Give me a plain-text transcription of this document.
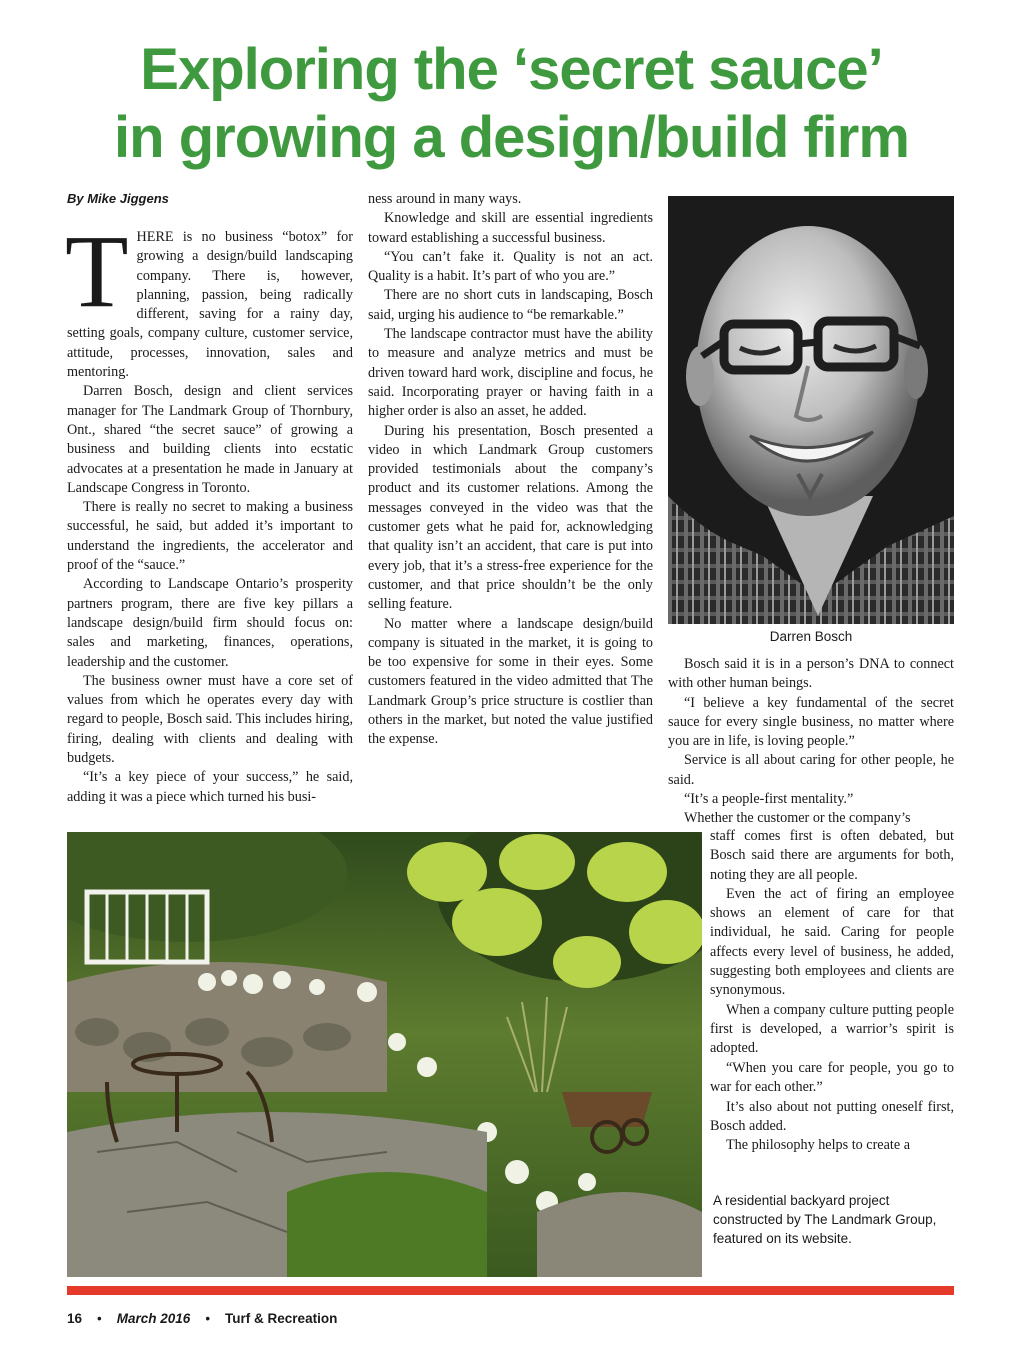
Exploring the ‘secret sauce’
in growing a design/build firm
By Mike Jiggens

THERE is no business “botox” for growing a design/build landscaping company. There is, however, planning, passion, being radically different, saving for a rainy day, setting goals, company culture, customer service, attitude, processes, innovation, sales and mentoring.

Darren Bosch, design and client services manager for The Landmark Group of Thornbury, Ont., shared “the secret sauce” of growing a business and building clients into ecstatic advocates at a presentation he made in January at Landscape Congress in Toronto.

There is really no secret to making a business successful, he said, but added it’s important to understand the ingredients, the accelerator and proof of the “sauce.”

According to Landscape Ontario’s prosperity partners program, there are five key pillars a landscape design/build firm should focus on: sales and marketing, finances, operations, leadership and the customer.

The business owner must have a core set of values from which he operates every day with regard to people, Bosch said. This includes hiring, firing, dealing with clients and dealing with budgets.

“It’s a key piece of your success,” he said, adding it was a piece which turned his busi-

ness around in many ways.

Knowledge and skill are essential ingredients toward establishing a successful business.

“You can’t fake it. Quality is not an act. Quality is a habit. It’s part of who you are.”

There are no short cuts in landscaping, Bosch said, urging his audience to “be remarkable.”

The landscape contractor must have the ability to measure and analyze metrics and must be driven toward hard work, discipline and focus, he said. Incorporating prayer or having faith in a higher order is also an asset, he added.

During his presentation, Bosch presented a video in which Landmark Group customers provided testimonials about the company’s product and its customer relations. Among the messages conveyed in the video was that the customer gets what he paid for, acknowledging that quality isn’t an accident, that care is put into every job, that it’s a stress-free experience for the customer, and that price shouldn’t be the only selling feature.

No matter where a landscape design/build company is situated in the market, it is going to be too expensive for some in their eyes. Some customers featured in the video admitted that The Landmark Group’s price structure is costlier than others in the market, but noted the value justified the expense.

Darren Bosch

Bosch said it is in a person’s DNA to connect with other human beings.

“I believe a key fundamental of the secret sauce for every single business, no matter where you are in life, is loving people.”

Service is all about caring for other people, he said.

“It’s a people-first mentality.”

Whether the customer or the company’s

staff comes first is often debated, but Bosch said there are arguments for both, noting they are all people.

Even the act of firing an employee shows an element of care for that individual, he said. Caring for people affects every level of business, he added, suggesting both employees and clients are synonymous.

When a company culture putting people first is developed, a warrior’s spirit is adopted.

“When you care for people, you go to war for each other.”

It’s also about not putting oneself first, Bosch added.

The philosophy helps to create a

A residential backyard project constructed by The Landmark Group, featured on its website.
16 • March 2016 • Turf & Recreation
